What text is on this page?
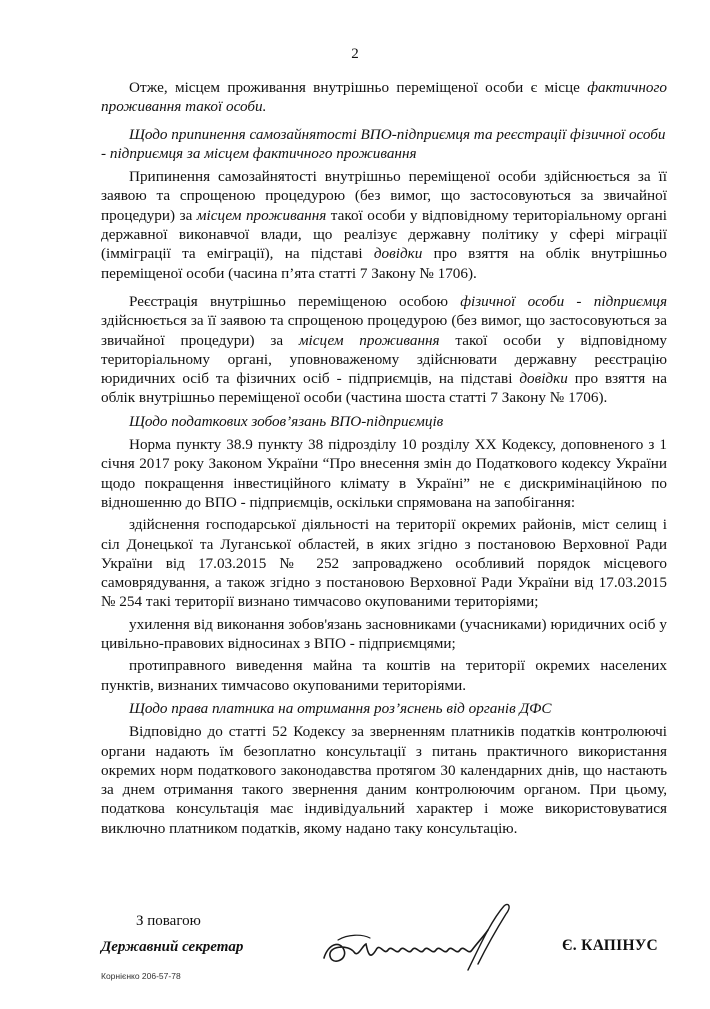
2

Отже, місцем проживання внутрішньо переміщеної особи є місце фактичного проживання такої особи.

Щодо припинення самозайнятості ВПО-підприємця та реєстрації фізичної особи - підприємця за місцем фактичного проживання

Припинення самозайнятості внутрішньо переміщеної особи здійснюється за її заявою та спрощеною процедурою (без вимог, що застосовуються за звичайної процедури) за місцем проживання такої особи у відповідному територіальному органі державної виконавчої влади, що реалізує державну політику у сфері міграції (імміграції та еміграції), на підставі довідки про взяття на облік внутрішньо переміщеної особи (часина п’ята статті 7 Закону № 1706).

Реєстрація внутрішньо переміщеною особою фізичної особи - підприємця здійснюється за її заявою та спрощеною процедурою (без вимог, що застосовуються за звичайної процедури) за місцем проживання такої особи у відповідному територіальному органі, уповноваженому здійснювати державну реєстрацію юридичних осіб та фізичних осіб - підприємців, на підставі довідки про взяття на облік внутрішньо переміщеної особи (частина шоста статті 7 Закону № 1706).

Щодо податкових зобов’язань ВПО-підприємців

Норма пункту 38.9 пункту 38 підрозділу 10 розділу XX Кодексу, доповненого з 1 січня 2017 року Законом України “Про внесення змін до Податкового кодексу України щодо покращення інвестиційного клімату в Україні” не є дискримінаційною по відношенню до ВПО - підприємців, оскільки спрямована на запобігання:

здійснення господарської діяльності на території окремих районів, міст селищ і сіл Донецької та Луганської областей, в яких згідно з постановою Верховної Ради України від 17.03.2015 № 252 запроваджено особливий порядок місцевого самоврядування, а також згідно з постановою Верховної Ради України від 17.03.2015 № 254 такі території визнано тимчасово окупованими територіями;

ухилення від виконання зобов'язань засновниками (учасниками) юридичних осіб у цивільно-правових відносинах з ВПО - підприємцями;

протиправного виведення майна та коштів на території окремих населених пунктів, визнаних тимчасово окупованими територіями.

Щодо права платника на отримання роз’яснень від органів ДФС

Відповідно до статті 52 Кодексу за зверненням платників податків контролюючі органи надають їм безоплатно консультації з питань практичного використання окремих норм податкового законодавства протягом 30 календарних днів, що настають за днем отримання такого звернення даним контролюючим органом. При цьому, податкова консультація має індивідуальний характер і може використовуватися виключно платником податків, якому надано таку консультацію.

З повагою
Державний секретар	Є. КАПІНУС
Корнієнко 206-57-78
